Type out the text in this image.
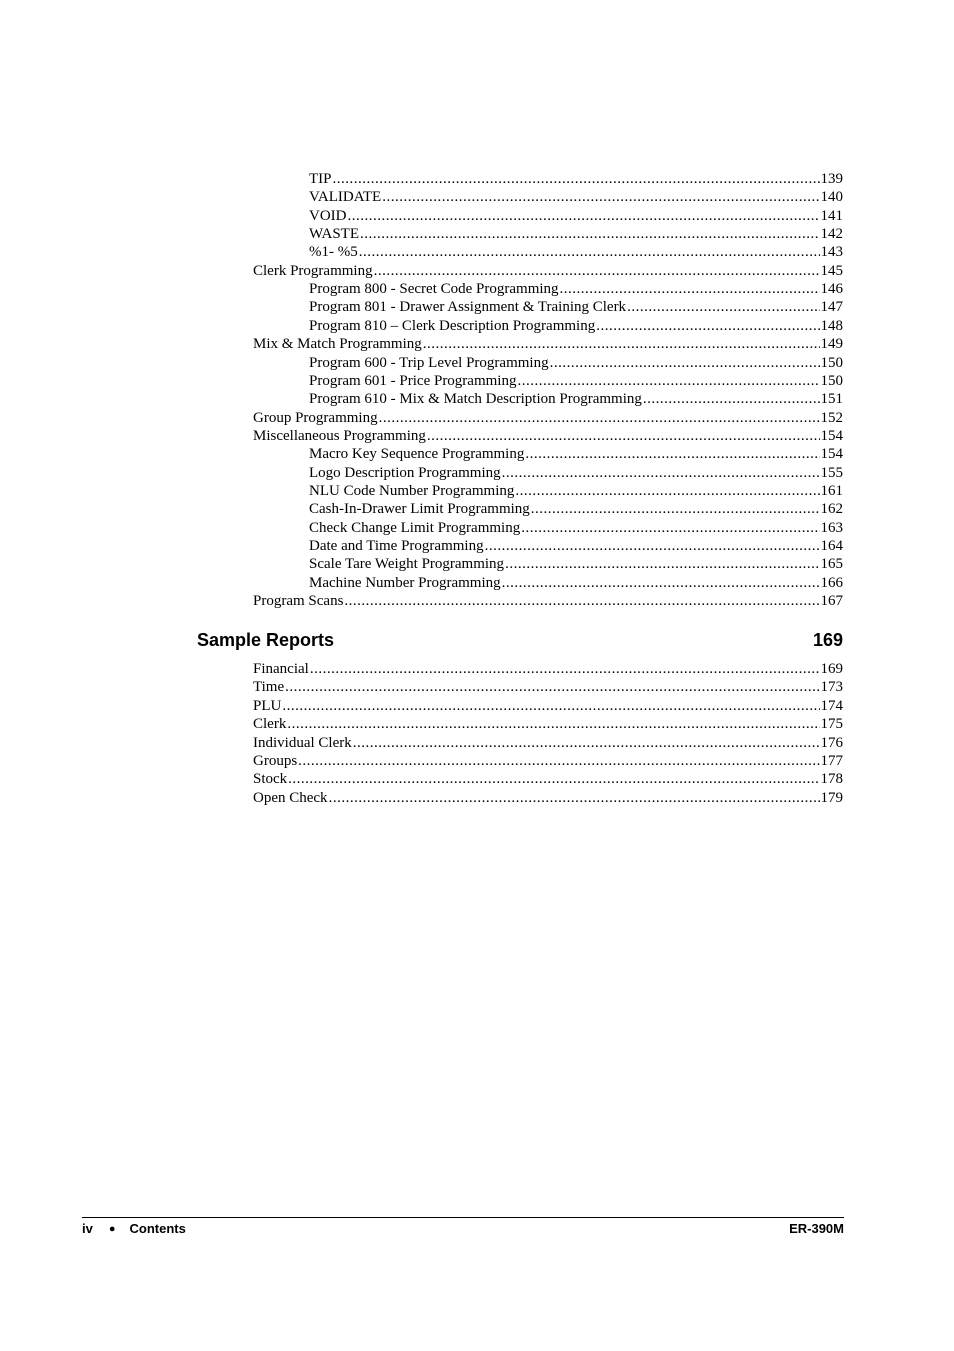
TIP .....	139
VALIDATE .....	140
VOID .....	141
WASTE .....	142
%1- %5 .....	143
Clerk Programming .....	145
Program 800 - Secret Code Programming .....	146
Program 801 - Drawer Assignment & Training Clerk .....	147
Program 810 – Clerk Description Programming .....	148
Mix & Match Programming .....	149
Program 600 - Trip Level Programming .....	150
Program 601 - Price Programming .....	150
Program 610 - Mix & Match Description Programming .....	151
Group Programming .....	152
Miscellaneous Programming .....	154
Macro Key Sequence Programming .....	154
Logo Description Programming .....	155
NLU Code Number Programming .....	161
Cash-In-Drawer Limit Programming .....	162
Check Change Limit Programming .....	163
Date and Time Programming .....	164
Scale Tare Weight Programming .....	165
Machine Number Programming .....	166
Program Scans .....	167
Sample Reports	169
Financial .....	169
Time .....	173
PLU .....	174
Clerk .....	175
Individual Clerk .....	176
Groups .....	177
Stock .....	178
Open Check .....	179
iv ● Contents	ER-390M
